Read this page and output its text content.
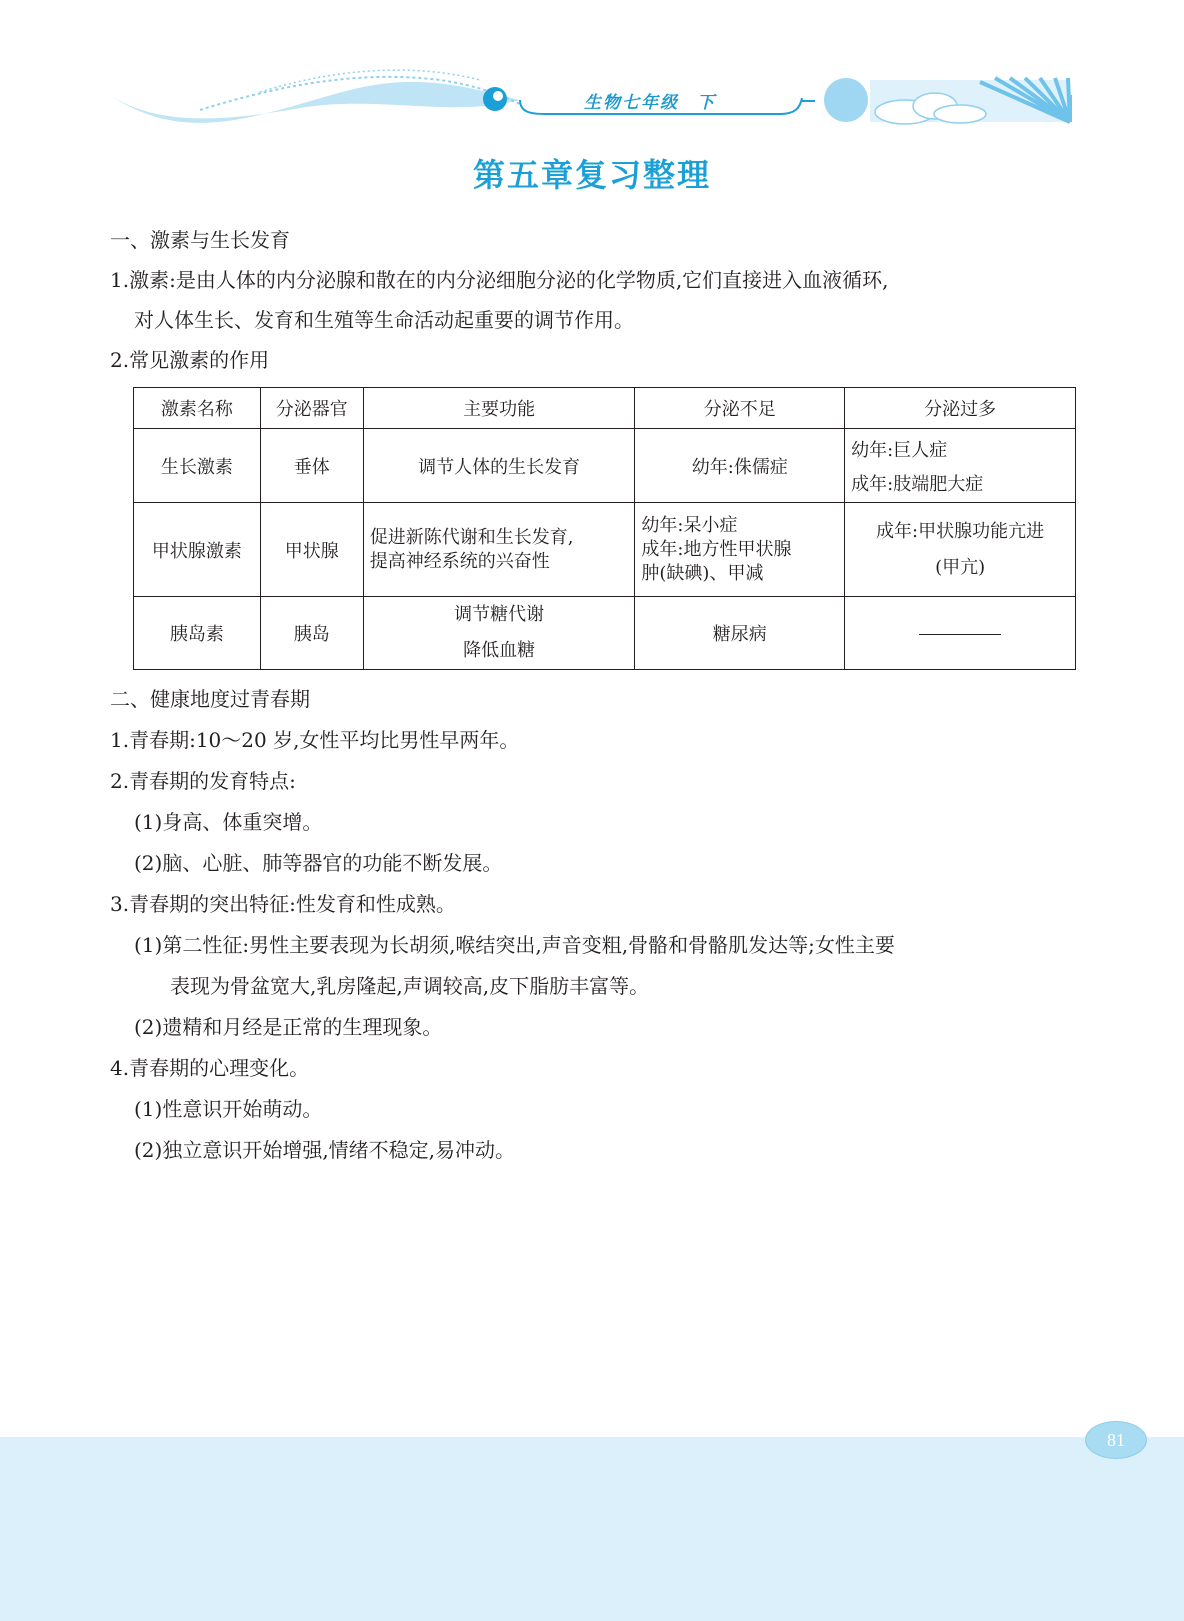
生物七年级 下
第五章复习整理
一、激素与生长发育
1.激素:是由人体的内分泌腺和散在的内分泌细胞分泌的化学物质,它们直接进入血液循环,
对人体生长、发育和生殖等生命活动起重要的调节作用。
2.常见激素的作用
激素名称	分泌器官	主要功能	分泌不足	分泌过多
生长激素	垂体	调节人体的生长发育	幼年:侏儒症	幼年:巨人症
成年:肢端肥大症

甲状腺激素	甲状腺	促进新陈代谢和生长发育,
提高神经系统的兴奋性	幼年:呆小症
成年:地方性甲状腺
肿(缺碘)、甲减	成年:甲状腺功能亢进
(甲亢)

胰岛素	胰岛	调节糖代谢
降低血糖	糖尿病	
二、健康地度过青春期
1.青春期:10～20 岁,女性平均比男性早两年。
2.青春期的发育特点:
(1)身高、体重突增。
(2)脑、心脏、肺等器官的功能不断发展。
3.青春期的突出特征:性发育和性成熟。
(1)第二性征:男性主要表现为长胡须,喉结突出,声音变粗,骨骼和骨骼肌发达等;女性主要
表现为骨盆宽大,乳房隆起,声调较高,皮下脂肪丰富等。
(2)遗精和月经是正常的生理现象。
4.青春期的心理变化。
(1)性意识开始萌动。
(2)独立意识开始增强,情绪不稳定,易冲动。
81
